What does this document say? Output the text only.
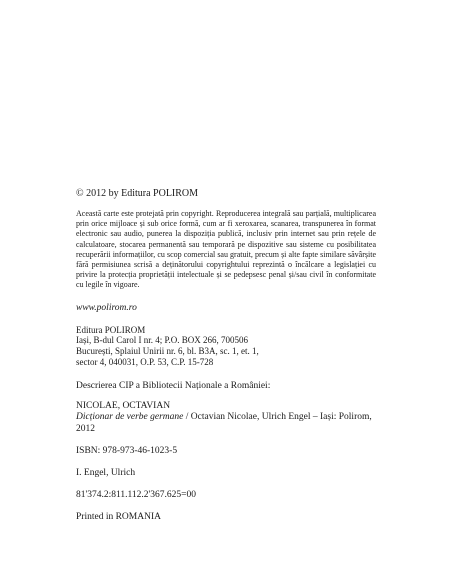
© 2012 by Editura POLIROM

Această carte este protejată prin copyright. Reproducerea integrală sau parțială, multiplicarea prin orice mijloace și sub orice formă, cum ar fi xeroxarea, scanarea, transpunerea în format electronic sau audio, punerea la dispoziția publică, inclusiv prin internet sau prin rețele de calculatoare, stocarea permanentă sau temporară pe dispozitive sau sisteme cu posibilitatea recuperării informațiilor, cu scop comercial sau gratuit, precum și alte fapte similare săvârșite fără permisiunea scrisă a deținătorului copyrightului reprezintă o încălcare a legislației cu privire la protecția proprietății intelectuale și se pedepsesc penal și/sau civil în conformitate cu legile în vigoare.

www.polirom.ro

Editura POLIROM
Iași, B-dul Carol I nr. 4; P.O. BOX 266, 700506
București, Splaiul Unirii nr. 6, bl. B3A, sc. 1, et. 1,
sector 4, 040031, O.P. 53, C.P. 15-728

Descrierea CIP a Bibliotecii Naționale a României:

NICOLAE, OCTAVIAN
Dicționar de verbe germane / Octavian Nicolae, Ulrich Engel – Iași: Polirom, 2012

ISBN: 978-973-46-1023-5

I. Engel, Ulrich

81'374.2:811.112.2'367.625=00

Printed in ROMANIA
